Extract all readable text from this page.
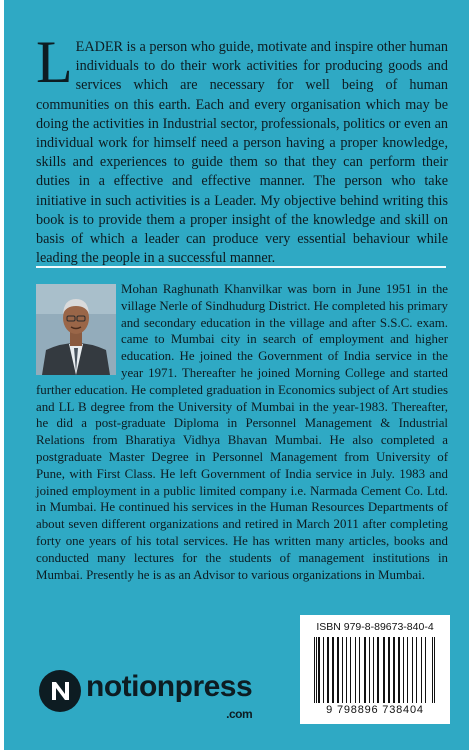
LEADER is a person who guide, motivate and inspire other human individuals to do their work activities for producing goods and services which are necessary for well being of human communities on this earth. Each and every organisation which may be doing the activities in Industrial sector, professionals, politics or even an individual work for himself need a person having a proper knowledge, skills and experiences to guide them so that they can perform their duties in a effective and effective manner. The person who take initiative in such activities is a Leader. My objective behind writing this book is to provide them a proper insight of the knowledge and skill on basis of which a leader can produce very essential behaviour while leading the people in a successful manner.
Mohan Raghunath Khanvilkar was born in June 1951 in the village Nerle of Sindhudurg District. He completed his primary and secondary education in the village and after S.S.C. exam. came to Mumbai city in search of employment and higher education. He joined the Government of India service in the year 1971. Thereafter he joined Morning College and started further education. He completed graduation in Economics subject of Art studies and LL B degree from the University of Mumbai in the year-1983. Thereafter, he did a post-graduate Diploma in Personnel Management & Industrial Relations from Bharatiya Vidhya Bhavan Mumbai. He also completed a postgraduate Master Degree in Personnel Management from University of Pune, with First Class. He left Government of India service in July. 1983 and joined employment in a public limited company i.e. Narmada Cement Co. Ltd. in Mumbai. He continued his services in the Human Resources Departments of about seven different organizations and retired in March 2011 after completing forty one years of his total services. He has written many articles, books and conducted many lectures for the students of management institutions in Mumbai. Presently he is as an Advisor to various organizations in Mumbai.
ISBN 979-8-89673-840-4
9 798896 738404
notionpress
.com
